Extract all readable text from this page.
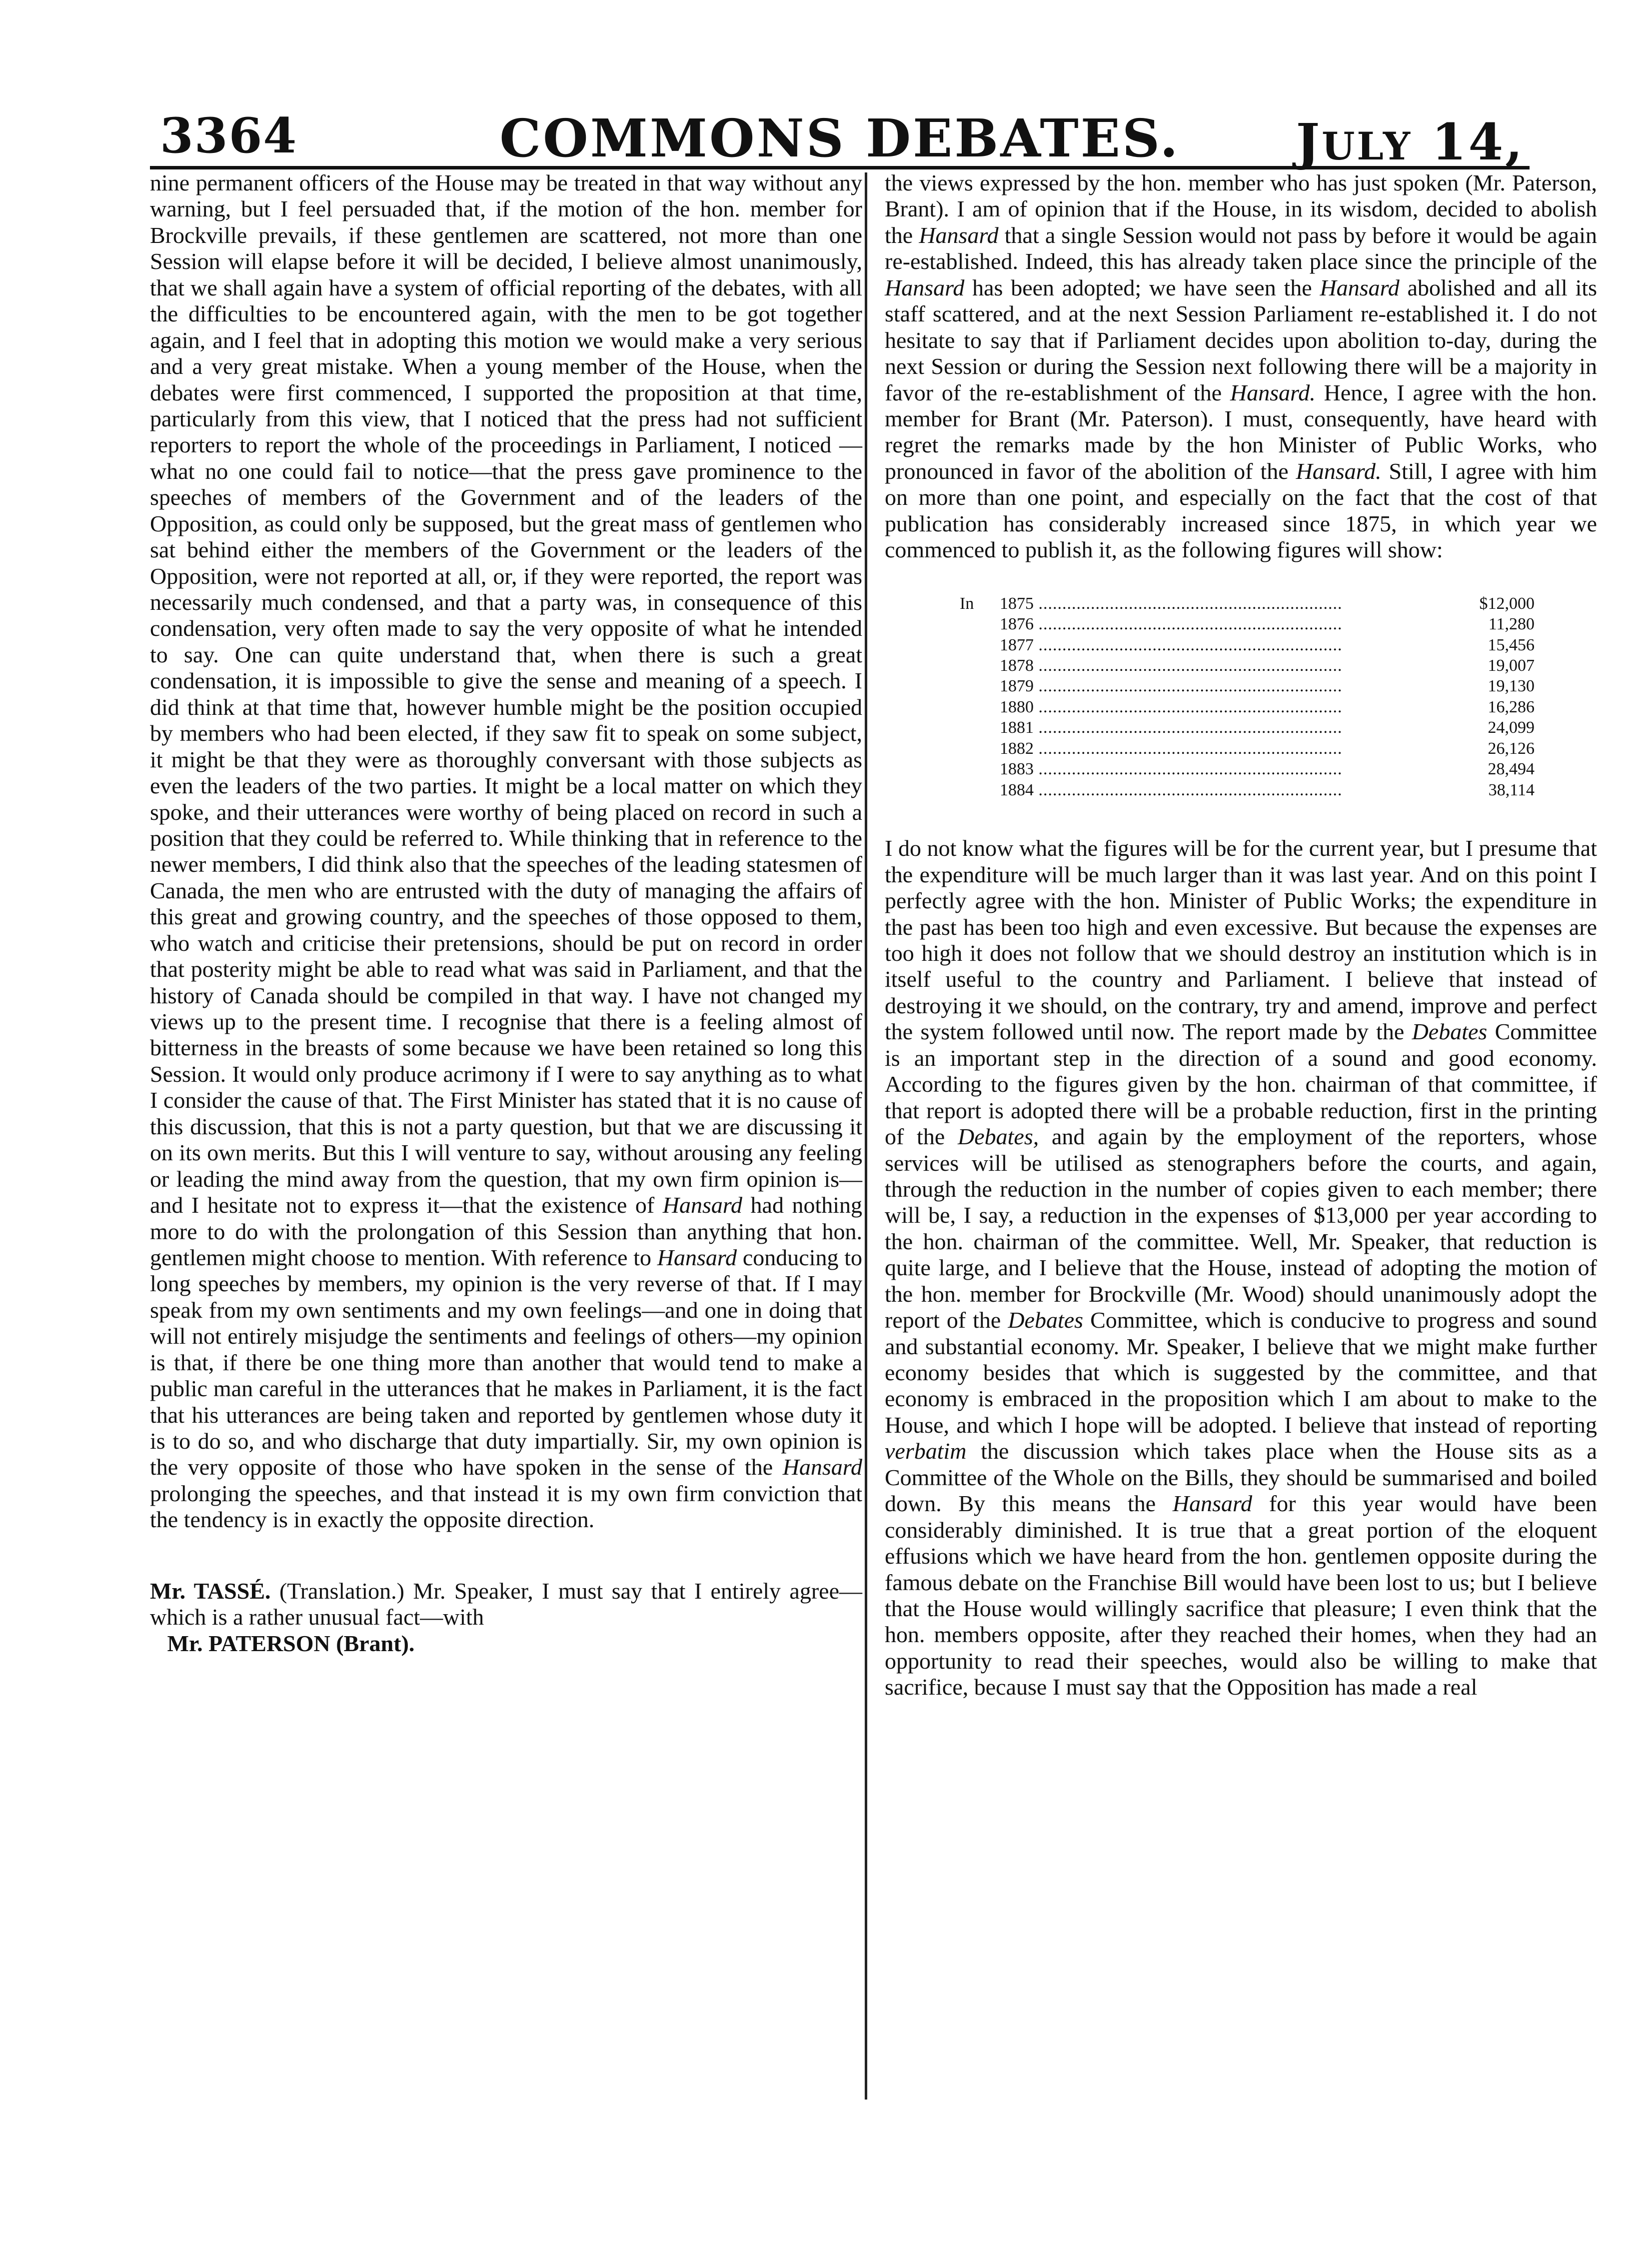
3364	COMMONS DEBATES.	JULY 14,

nine permanent officers of the House may be treated in that way without any warning, but I feel persuaded that, if the motion of the hon. member for Brockville prevails, if these gentlemen are scattered, not more than one Session will elapse before it will be decided, I believe almost unanimously, that we shall again have a system of official reporting of the debates, with all the difficulties to be encountered again, with the men to be got together again, and I feel that in adopting this motion we would make a very serious and a very great mistake. When a young member of the House, when the debates were first commenced, I supported the proposition at that time, particularly from this view, that I noticed that the press had not sufficient reporters to report the whole of the proceedings in Parliament, I noticed —what no one could fail to notice—that the press gave prominence to the speeches of members of the Government and of the leaders of the Opposition, as could only be supposed, but the great mass of gentlemen who sat behind either the members of the Government or the leaders of the Opposition, were not reported at all, or, if they were reported, the report was necessarily much condensed, and that a party was, in consequence of this condensation, very often made to say the very opposite of what he intended to say. One can quite understand that, when there is such a great condensation, it is impossible to give the sense and meaning of a speech. I did think at that time that, however humble might be the position occupied by members who had been elected, if they saw fit to speak on some subject, it might be that they were as thoroughly conversant with those subjects as even the leaders of the two parties. It might be a local matter on which they spoke, and their utterances were worthy of being placed on record in such a position that they could be referred to. While thinking that in reference to the newer members, I did think also that the speeches of the leading statesmen of Canada, the men who are entrusted with the duty of managing the affairs of this great and growing country, and the speeches of those opposed to them, who watch and criticise their pretensions, should be put on record in order that posterity might be able to read what was said in Parliament, and that the history of Canada should be compiled in that way. I have not changed my views up to the present time. I recognise that there is a feeling almost of bitterness in the breasts of some because we have been retained so long this Session. It would only produce acrimony if I were to say anything as to what I consider the cause of that. The First Minister has stated that it is no cause of this discussion, that this is not a party question, but that we are discussing it on its own merits. But this I will venture to say, without arousing any feeling or leading the mind away from the question, that my own firm opinion is—and I hesitate not to express it—that the existence of Hansard had nothing more to do with the prolongation of this Session than anything that hon. gentlemen might choose to mention. With reference to Hansard conducing to long speeches by members, my opinion is the very reverse of that. If I may speak from my own sentiments and my own feelings—and one in doing that will not entirely misjudge the sentiments and feelings of others—my opinion is that, if there be one thing more than another that would tend to make a public man careful in the utterances that he makes in Parliament, it is the fact that his utterances are being taken and reported by gentlemen whose duty it is to do so, and who discharge that duty impartially. Sir, my own opinion is the very opposite of those who have spoken in the sense of the Hansard prolonging the speeches, and that instead it is my own firm conviction that the tendency is in exactly the opposite direction.

Mr. TASSÉ. (Translation.) Mr. Speaker, I must say that I entirely agree—which is a rather unusual fact—with
Mr. PATERSON (Brant).

the views expressed by the hon. member who has just spoken (Mr. Paterson, Brant). I am of opinion that if the House, in its wisdom, decided to abolish the Hansard that a single Session would not pass by before it would be again re-established. Indeed, this has already taken place since the principle of the Hansard has been adopted; we have seen the Hansard abolished and all its staff scattered, and at the next Session Parliament re-established it. I do not hesitate to say that if Parliament decides upon abolition to-day, during the next Session or during the Session next following there will be a majority in favor of the re-establishment of the Hansard. Hence, I agree with the hon. member for Brant (Mr. Paterson). I must, consequently, have heard with regret the remarks made by the hon Minister of Public Works, who pronounced in favor of the abolition of the Hansard. Still, I agree with him on more than one point, and especially on the fact that the cost of that publication has considerably increased since 1875, in which year we commenced to publish it, as the following figures will show:

In 1875 .....	$12,000

1876 .....	11,280

1877 .....	15,456

1878 .....	19,007

1879 .....	19,130

1880 .....	16,286

1881 .....	24,099

1882 .....	26,126

1883 .....	28,494

1884 .....	38,114

I do not know what the figures will be for the current year, but I presume that the expenditure will be much larger than it was last year. And on this point I perfectly agree with the hon. Minister of Public Works; the expenditure in the past has been too high and even excessive. But because the expenses are too high it does not follow that we should destroy an institution which is in itself useful to the country and Parliament. I believe that instead of destroying it we should, on the contrary, try and amend, improve and perfect the system followed until now. The report made by the Debates Committee is an important step in the direction of a sound and good economy. According to the figures given by the hon. chairman of that committee, if that report is adopted there will be a probable reduction, first in the printing of the Debates, and again by the employment of the reporters, whose services will be utilised as stenographers before the courts, and again, through the reduction in the number of copies given to each member; there will be, I say, a reduction in the expenses of $13,000 per year according to the hon. chairman of the committee. Well, Mr. Speaker, that reduction is quite large, and I believe that the House, instead of adopting the motion of the hon. member for Brockville (Mr. Wood) should unanimously adopt the report of the Debates Committee, which is conducive to progress and sound and substantial economy. Mr. Speaker, I believe that we might make further economy besides that which is suggested by the committee, and that economy is embraced in the proposition which I am about to make to the House, and which I hope will be adopted. I believe that instead of reporting verbatim the discussion which takes place when the House sits as a Committee of the Whole on the Bills, they should be summarised and boiled down. By this means the Hansard for this year would have been considerably diminished. It is true that a great portion of the eloquent effusions which we have heard from the hon. gentlemen opposite during the famous debate on the Franchise Bill would have been lost to us; but I believe that the House would willingly sacrifice that pleasure; I even think that the hon. members opposite, after they reached their homes, when they had an opportunity to read their speeches, would also be willing to make that sacrifice, because I must say that the Opposition has made a real
